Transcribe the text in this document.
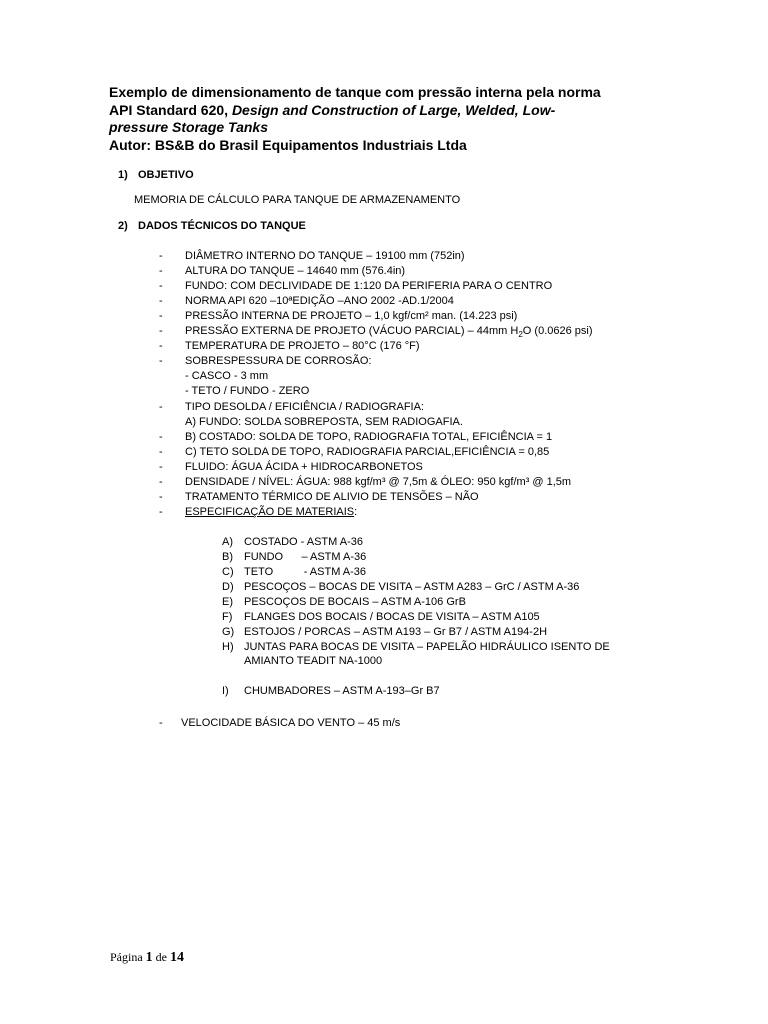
Exemplo de dimensionamento de tanque com pressão interna pela norma
API Standard 620, Design and Construction of Large, Welded, Low-
pressure Storage Tanks
Autor: BS&B do Brasil Equipamentos Industriais Ltda
1) OBJETIVO
MEMORIA DE CÁLCULO PARA TANQUE DE ARMAZENAMENTO
2) DADOS TÉCNICOS DO TANQUE
- DIÂMETRO INTERNO DO TANQUE – 19100 mm (752in)
- ALTURA DO TANQUE – 14640 mm (576.4in)
- FUNDO: COM DECLIVIDADE DE 1:120 DA PERIFERIA PARA O CENTRO
- NORMA API 620 –10ªEDIÇÃO –ANO 2002 -AD.1/2004
- PRESSÃO INTERNA DE PROJETO – 1,0 kgf/cm² man. (14.223 psi)
- PRESSÃO EXTERNA DE PROJETO (VÁCUO PARCIAL) – 44mm $H_2O$ (0.0626 psi)
- TEMPERATURA DE PROJETO – 80°C (176 °F)
- SOBRESPESSURA DE CORROSÃO:
- CASCO - 3 mm
- TETO / FUNDO - ZERO
- TIPO DESOLDA / EFICIÊNCIA / RADIOGRAFIA:
A) FUNDO: SOLDA SOBREPOSTA, SEM RADIOGAFIA.
- B) COSTADO: SOLDA DE TOPO, RADIOGRAFIA TOTAL, EFICIÊNCIA = 1
- C) TETO SOLDA DE TOPO, RADIOGRAFIA PARCIAL,EFICIÊNCIA = 0,85
- FLUIDO: ÁGUA ÁCIDA + HIDROCARBONETOS
- DENSIDADE / NÍVEL: ÁGUA: 988 kgf/m³ @ 7,5m & ÓLEO: 950 kgf/m³ @ 1,5m
- TRATAMENTO TÉRMICO DE ALIVIO DE TENSÕES – NÃO
- ESPECIFICAÇÃO DE MATERIAIS:
A) COSTADO - ASTM A-36
B) FUNDO      – ASTM A-36
C) TETO          - ASTM A-36
D) PESCOÇOS – BOCAS DE VISITA – ASTM A283 – GrC / ASTM A-36
E) PESCOÇOS DE BOCAIS – ASTM A-106 GrB
F) FLANGES DOS BOCAIS / BOCAS DE VISITA – ASTM A105
G) ESTOJOS / PORCAS – ASTM A193 – Gr B7 / ASTM A194-2H
H) JUNTAS PARA BOCAS DE VISITA – PAPELÃO HIDRÁULICO ISENTO DE
AMIANTO TEADIT NA-1000
I) CHUMBADORES – ASTM A-193–Gr B7
- VELOCIDADE BÁSICA DO VENTO – 45 m/s
Página 1 de 14
